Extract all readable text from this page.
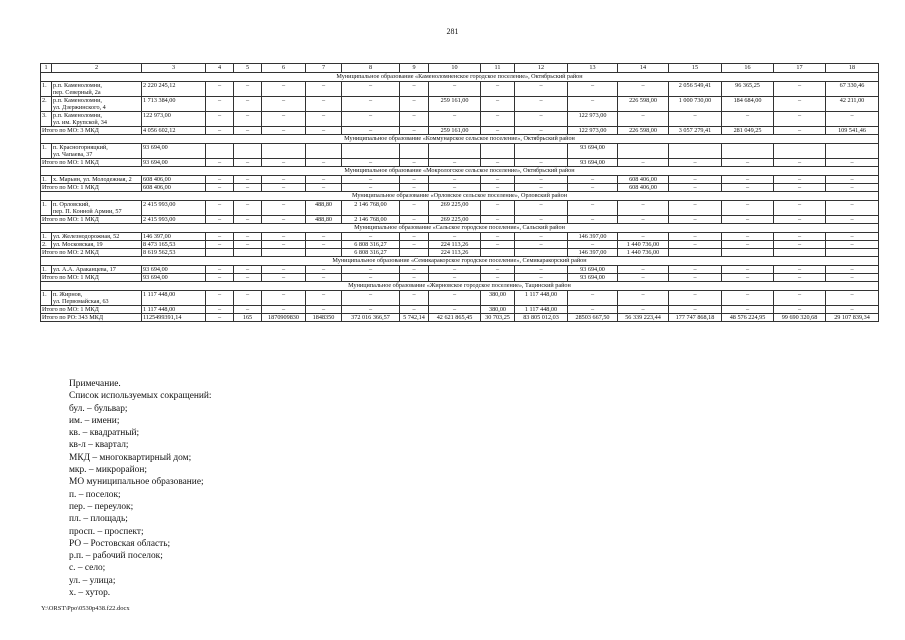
281
1	2	3	4	5	6	7	8	9	10	11	12	13	14	15	16	17	18
Муниципальное образование «Каменоломненское городское поселение», Октябрьский район																	
1.	р.п. Каменоломни,
пер. Северный, 2а	2 220 245,12	–	–	–	–	–	–	–	–	–	–	–	2 056 549,41	96 365,25	–	67 330,46
2.	р.п. Каменоломни,
ул. Дзержинского, 4	1 713 384,00	–	–	–	–	–	–	259 161,00	–	–	–	226 598,00	1 000 730,00	184 684,00	–	42 211,00
3.	р.п. Каменоломни,
ул. им. Крупской, 34	122 973,00	–	–	–	–	–	–	–	–	–	122 973,00	–	–	–	–	–
Итого по МО: 3 МКД		4 056 602,12	–	–	–	–	–	–	259 161,00	–	–	122 973,00	226 598,00	3 057 279,41	281 049,25	–	109 541,46
Муниципальное образование «Коммунарское сельское поселение», Октябрьский район																	
1.	п. Красногорняцкий,
ул. Чапаева, 37	93 694,00										93 694,00					
Итого по МО: 1 МКД		93 694,00	–	–	–	–	–	–	–	–	–	93 694,00	–	–	–	–	–
Муниципальное образование «Мокрологское сельское поселение», Октябрьский район																	
1.	х. Марьин, ул. Молодежная, 2	608 406,00	–	–	–	–	–	–	–	–	–	–	608 406,00	–	–	–	–
Итого по МО: 1 МКД		608 406,00	–	–	–	–	–	–	–	–	–	–	608 406,00	–	–	–	–
Муниципальное образование «Орловское сельское поселение», Орловский район																	
1.	п. Орловский,
пер. П. Конной Армии, 57	2 415 993,00	–	–	–	488,80	2 146 768,00	–	269 225,00	–	–	–	–	–	–	–	–
Итого по МО: 1 МКД		2 415 993,00	–	–	–	488,80	2 146 768,00	–	269 225,00	–	–	–	–	–	–	–	–
Муниципальное образование «Сальское городское поселение», Сальский район																	
1.	ул. Железнодорожная, 52	146 397,00	–	–	–	–	–	–	–	–	–	146 397,00	–	–	–	–	–
2.	ул. Московская, 19	8 473 165,53	–	–	–	–	6 808 316,27	–	224 113,26	–	–	–	1 440 736,00	–	–	–	–
Итого по МО: 2 МКД		8 619 562,53					6 808 316,27		224 113,26			146 397,00	1 440 736,00				
Муниципальное образование «Семикаракорское городское поселение», Семикаракорский район																	
1.	ул. А.А. Араканцева, 17	93 694,00	–	–	–	–	–	–	–	–	–	93 694,00	–	–	–	–	–
Итого по МО: 1 МКД		93 694,00	–	–	–	–	–	–	–	–	–	93 694,00	–	–	–	–	–
Муниципальное образование «Жирновское городское поселение», Тацинский район																	
1.	п. Жирнов,
ул. Первомайская, 63	1 117 448,00	–	–	–	–	–	–	–	380,00	1 117 448,00	–	–	–	–	–	–
Итого по МО: 1 МКД		1 117 448,00	–	–	–	–	–	–	–	380,00	1 117 448,00	–	–	–	–	–	–
Итого по РО: 343 МКД		1125499391,14	–	165	1870909830	1848350	372 016 366,57	5 742,14	42 621 865,45	30 703,25	83 805 012,03	28503 667,50	56 339 223,44	177 747 868,18	48 576 224,95	99 690 320,68	29 107 839,34
Примечание.
Список используемых сокращений:
бул. – бульвар;
им. – имени;
кв. – квадратный;
кв-л – квартал;
МКД – многоквартирный дом;
мкр. – микрорайон;
МО муниципальное образование;
п. – поселок;
пер. – переулок;
пл. – площадь;
просп. – проспект;
РО – Ростовская область;
р.п. – рабочий поселок;
с. – село;
ул. – улица;
х. – хутор.
Y:\ORST\Ppo\0530p438.f22.docx
